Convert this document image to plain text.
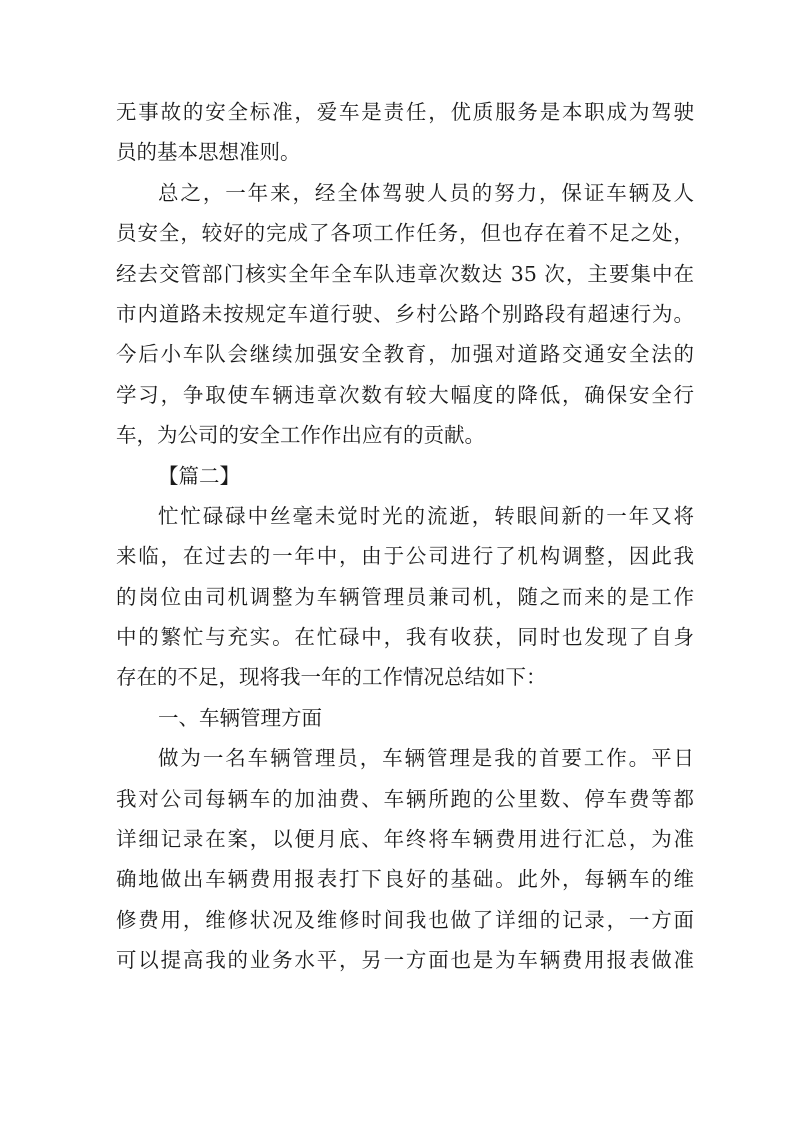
无事故的安全标准，爱车是责任，优质服务是本职成为驾驶
员的基本思想准则。
总之，一年来，经全体驾驶人员的努力，保证车辆及人
员安全，较好的完成了各项工作任务，但也存在着不足之处，
经去交管部门核实全年全车队违章次数达 35 次，主要集中在
市内道路未按规定车道行驶、乡村公路个别路段有超速行为。
今后小车队会继续加强安全教育，加强对道路交通安全法的
学习，争取使车辆违章次数有较大幅度的降低，确保安全行
车，为公司的安全工作作出应有的贡献。
【篇二】
忙忙碌碌中丝毫未觉时光的流逝，转眼间新的一年又将
来临，在过去的一年中，由于公司进行了机构调整，因此我
的岗位由司机调整为车辆管理员兼司机，随之而来的是工作
中的繁忙与充实。在忙碌中，我有收获，同时也发现了自身
存在的不足，现将我一年的工作情况总结如下：
一、车辆管理方面
做为一名车辆管理员，车辆管理是我的首要工作。平日
我对公司每辆车的加油费、车辆所跑的公里数、停车费等都
详细记录在案，以便月底、年终将车辆费用进行汇总，为准
确地做出车辆费用报表打下良好的基础。此外，每辆车的维
修费用，维修状况及维修时间我也做了详细的记录，一方面
可以提高我的业务水平，另一方面也是为车辆费用报表做准
